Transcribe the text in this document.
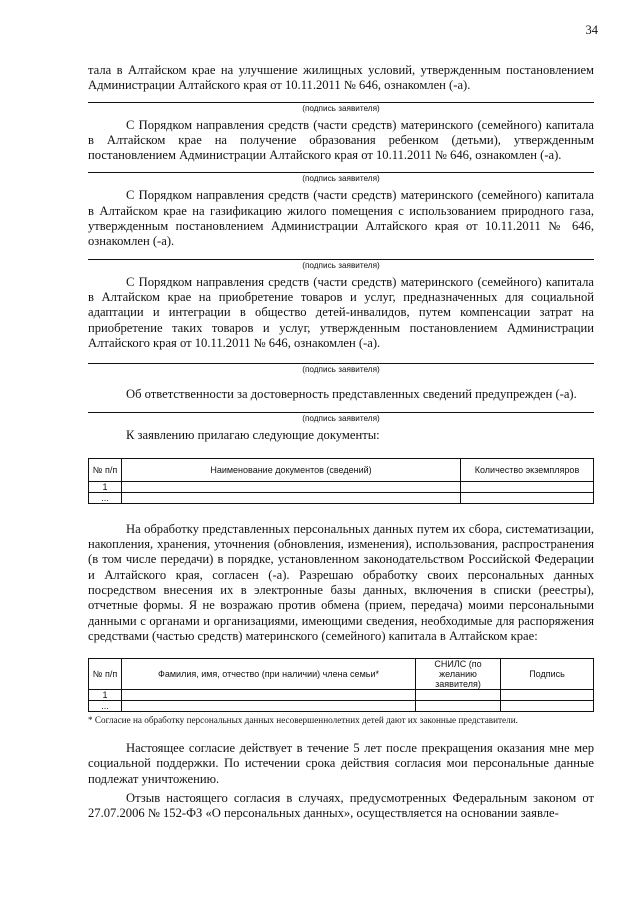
34

тала в Алтайском крае на улучшение жилищных условий, утвержденным постановлением Администрации Алтайского края от 10.11.2011 № 646, ознакомлен (-а).

(подпись заявителя)

С Порядком направления средств (части средств) материнского (семейного) капитала в Алтайском крае на получение образования ребенком (детьми), утвержденным постановлением Администрации Алтайского края от 10.11.2011 № 646, ознакомлен (-а).

(подпись заявителя)

С Порядком направления средств (части средств) материнского (семейного) капитала в Алтайском крае на газификацию жилого помещения с использованием природного газа, утвержденным постановлением Администрации Алтайского края от 10.11.2011 № 646, ознакомлен (-а).

(подпись заявителя)

С Порядком направления средств (части средств) материнского (семейного) капитала в Алтайском крае на приобретение товаров и услуг, предназначенных для социальной адаптации и интеграции в общество детей-инвалидов, путем компенсации затрат на приобретение таких товаров и услуг, утвержденным постановлением Администрации Алтайского края от 10.11.2011 № 646, ознакомлен (-а).

(подпись заявителя)

Об ответственности за достоверность представленных сведений предупрежден (-а).

(подпись заявителя)

К заявлению прилагаю следующие документы:

№ п/п	Наименование документов (сведений)	Количество экземпляров
1		
...		

На обработку представленных персональных данных путем их сбора, систематизации, накопления, хранения, уточнения (обновления, изменения), использования, распространения (в том числе передачи) в порядке, установленном законодательством Российской Федерации и Алтайского края, согласен (-а). Разрешаю обработку своих персональных данных посредством внесения их в электронные базы данных, включения в списки (реестры), отчетные формы. Я не возражаю против обмена (прием, передача) моими персональными данными с органами и организациями, имеющими сведения, необходимые для распоряжения средствами (частью средств) материнского (семейного) капитала в Алтайском крае:

№ п/п	Фамилия, имя, отчество (при наличии) члена семьи*	СНИЛС (по желанию заявителя)	Подпись
1			
...			

* Согласие на обработку персональных данных несовершеннолетних детей дают их законные представители.

Настоящее согласие действует в течение 5 лет после прекращения оказания мне мер социальной поддержки. По истечении срока действия согласия мои персональные данные подлежат уничтожению.

Отзыв настоящего согласия в случаях, предусмотренных Федеральным законом от 27.07.2006 № 152-ФЗ «О персональных данных», осуществляется на основании заявле-
